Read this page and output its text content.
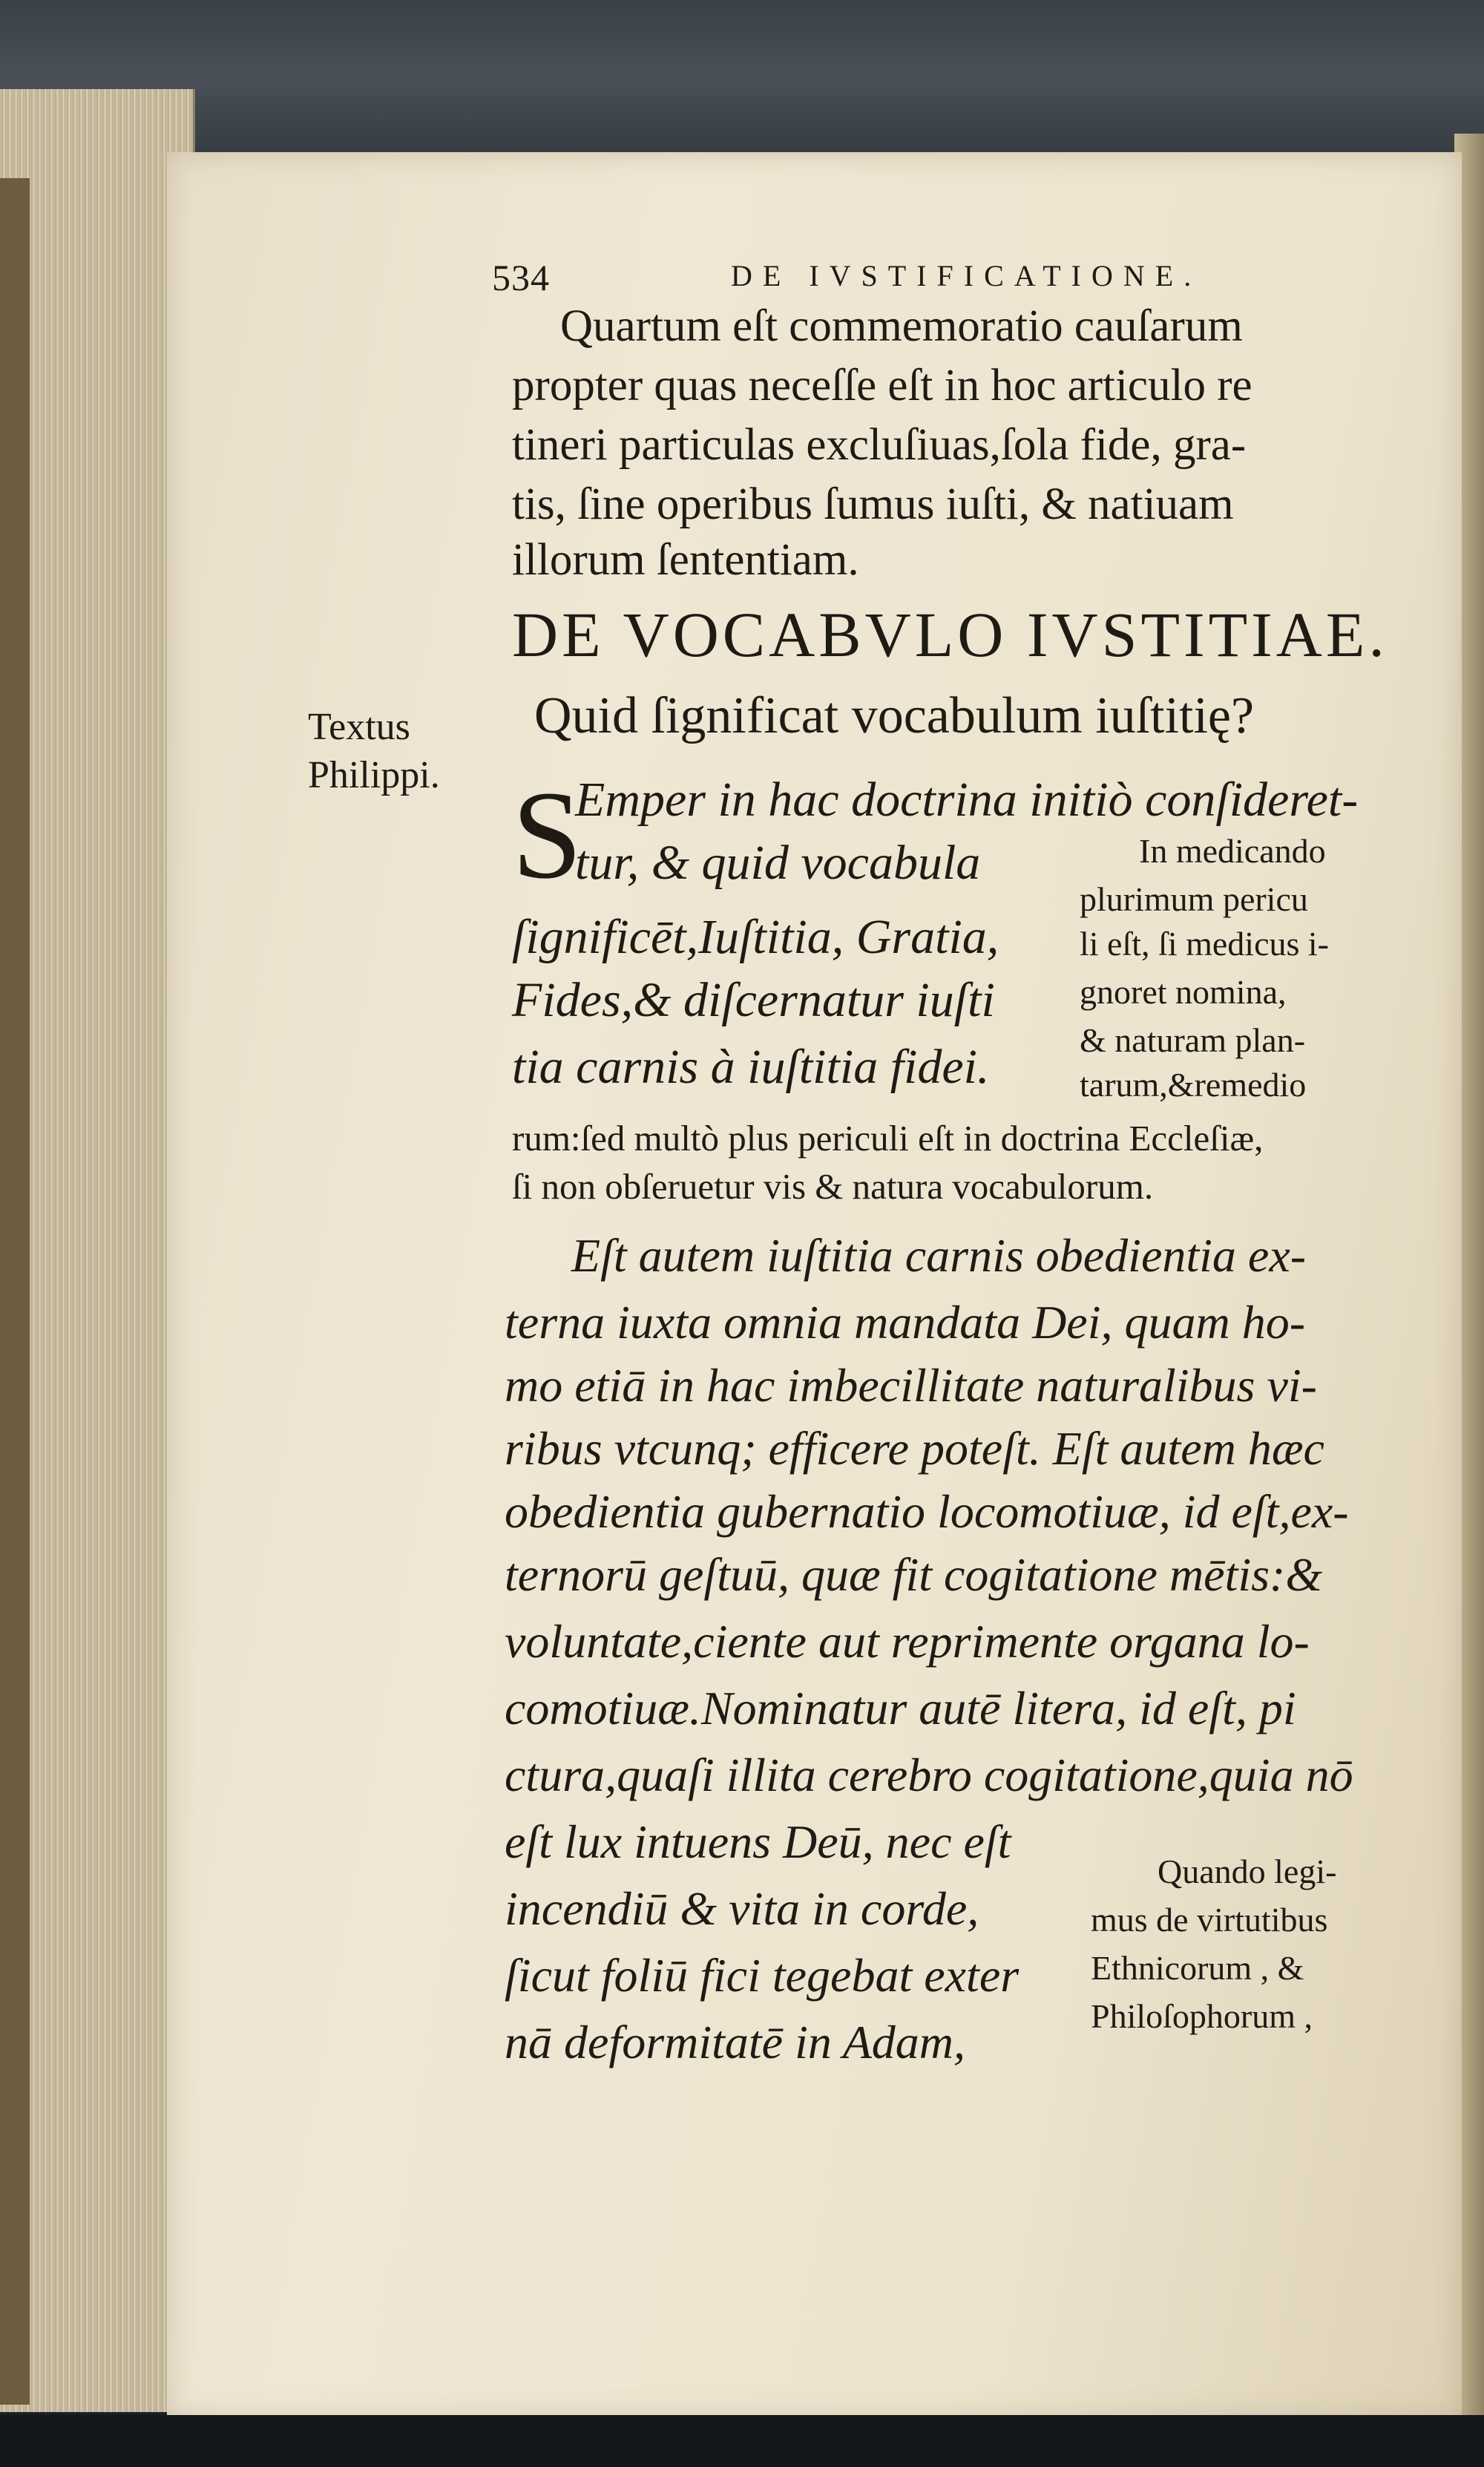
534	DE IVSTIFICATIONE.
Quartum eſt commemoratio cauſarum
propter quas neceſſe eſt in hoc articulo re
tineri particulas excluſiuas,ſola fide, gra-
tis, ſine operibus ſumus iuſti, & natiuam
illorum ſententiam.
DE VOCABVLO IVSTITIAE.
Quid ſignificat vocabulum iuſtitię?
Textus
Philippi. S
Emper in hac doctrina initiò conſideret-
tur, & quid vocabula
ſignificēt,Iuſtitia, Gratia,
Fides,& diſcernatur iuſti
tia carnis à iuſtitia fidei.
In medicando
plurimum pericu
li eſt, ſi medicus i-
gnoret nomina,
& naturam plan-
tarum,&remedio
rum:ſed multò plus periculi eſt in doctrina Eccleſiæ,
ſi non obſeruetur vis & natura vocabulorum.
Eſt autem iuſtitia carnis obedientia ex-
terna iuxta omnia mandata Dei, quam ho-
mo etiā in hac imbecillitate naturalibus vi-
ribus vtcunq; efficere poteſt. Eſt autem hæc
obedientia gubernatio locomotiuæ, id eſt,ex-
ternorū geſtuū, quæ fit cogitatione mētis:&
voluntate,ciente aut reprimente organa lo-
comotiuæ.Nominatur autē litera, id eſt, pi
ctura,quaſi illita cerebro cogitatione,quia nō
eſt lux intuens Deū, nec eſt
incendiū & vita in corde,
ſicut foliū fici tegebat exter
nā deformitatē in Adam,
Quando legi-
mus de virtutibus
Ethnicorum , &
Philoſophorum ,
